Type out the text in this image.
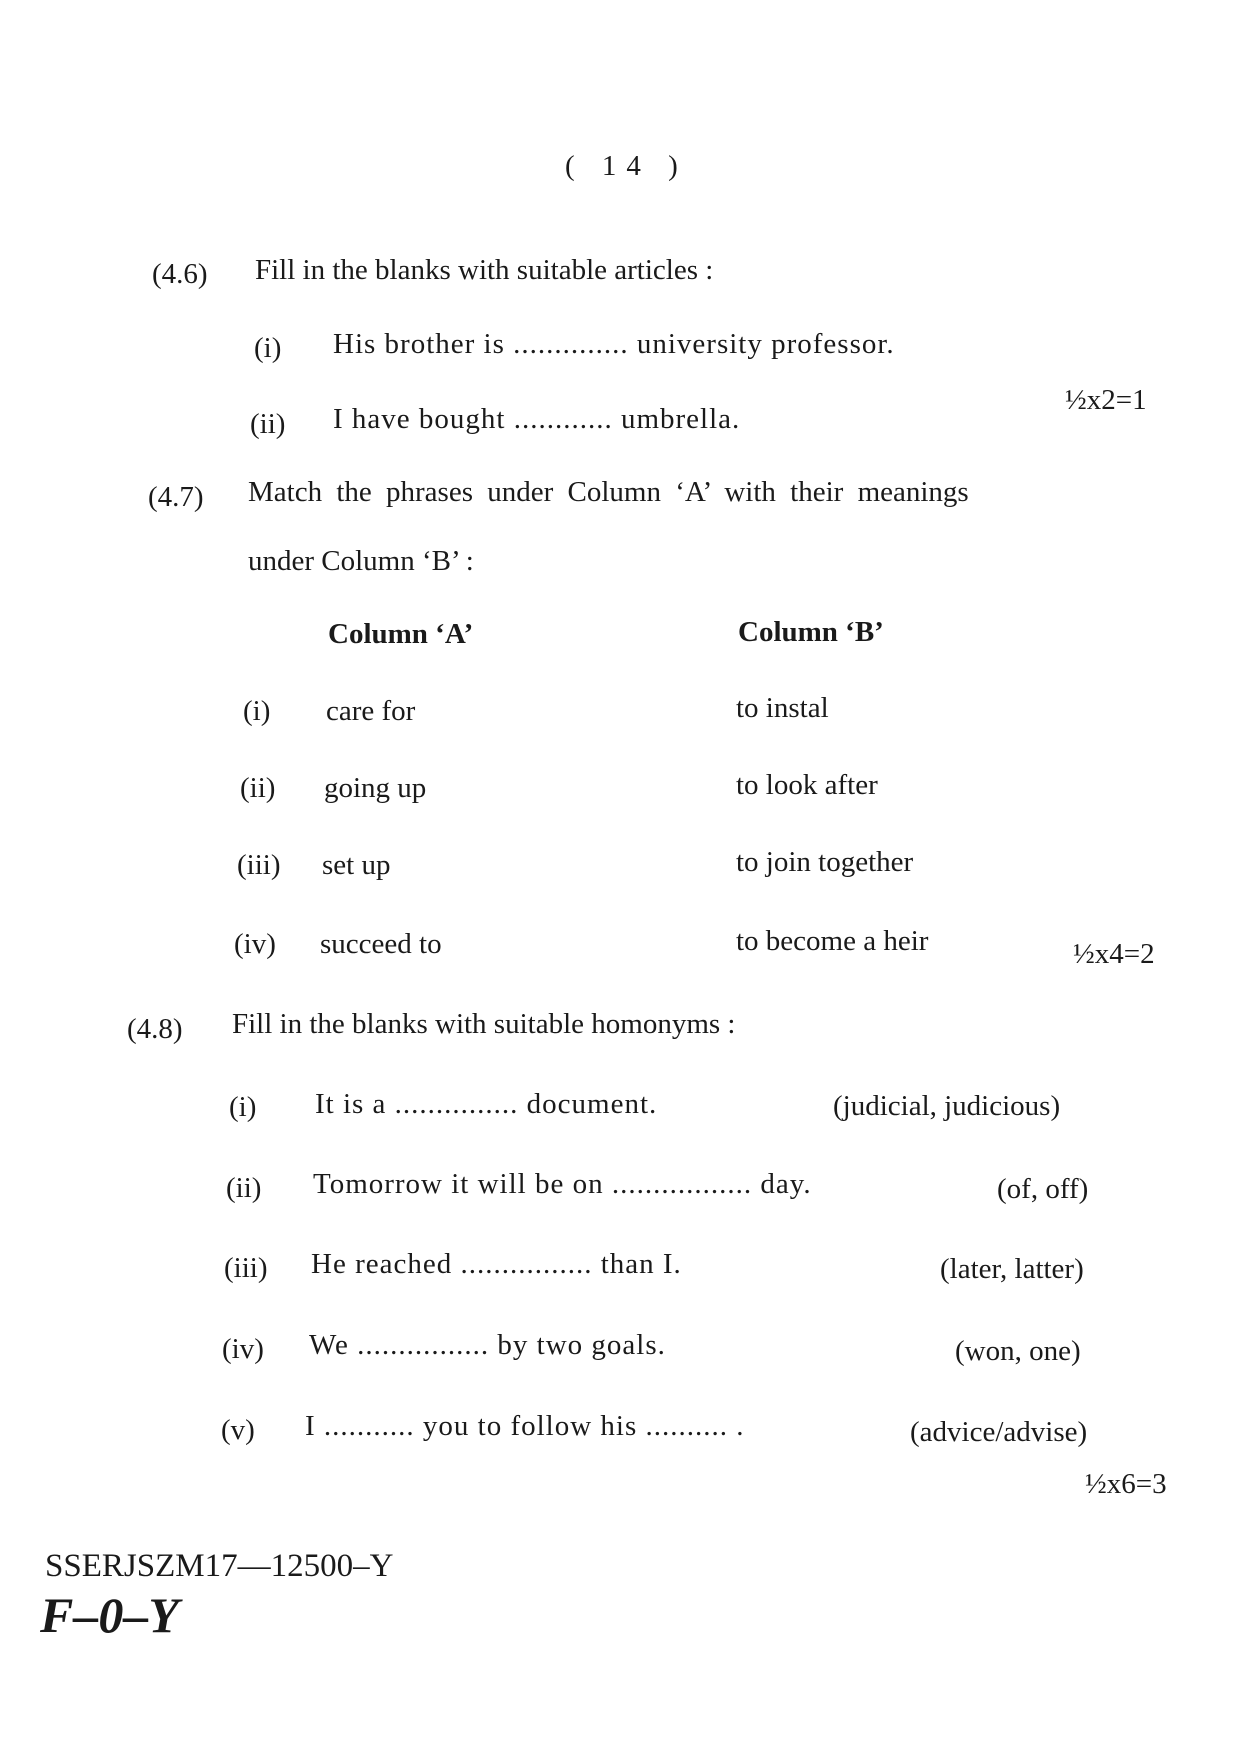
( 14 )
(4.6) Fill in the blanks with suitable articles :
(i) His brother is .............. university professor.
(ii) I have bought ............ umbrella.
½x2=1
(4.7) Match the phrases under Column ‘A’ with their meanings
under Column ‘B’ :
Column ‘A’	Column ‘B’
(i) care for	to instal
(ii) going up	to look after
(iii) set up	to join together
(iv) succeed to	to become a heir	½x4=2
(4.8) Fill in the blanks with suitable homonyms :
(i) It is a ............... document.	(judicial, judicious)
(ii) Tomorrow it will be on ................. day.	(of, off)
(iii) He reached ................ than I.	(later, latter)
(iv) We ................ by two goals.	(won, one)
(v) I ........... you to follow his .......... .	(advice/advise)
½x6=3
SSERJSZM17—12500–Y
F–0–Y
